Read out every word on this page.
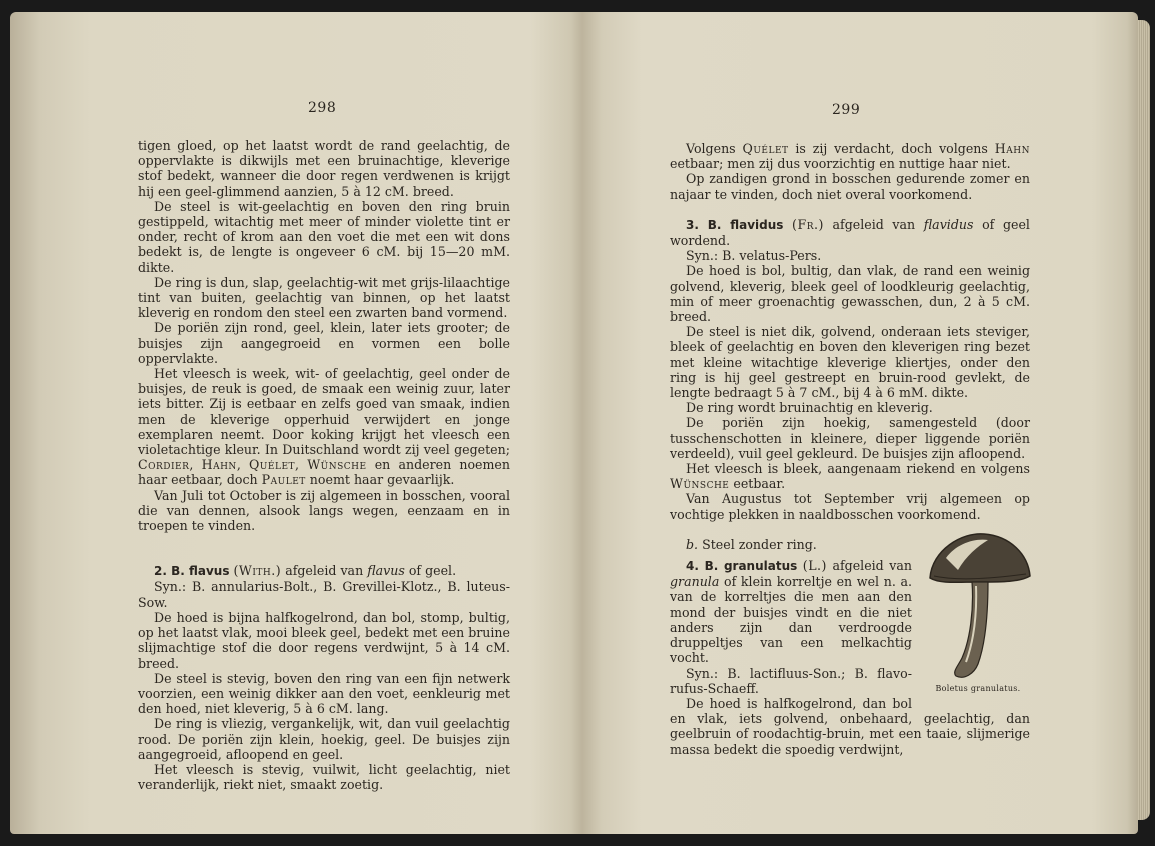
298

tigen gloed, op het laatst wordt de rand geelachtig, de oppervlakte is dikwijls met een bruinachtige, kleverige stof bedekt, wanneer die door regen verdwenen is krijgt hij een geel-glimmend aanzien, 5 à 12 cM. breed.

De steel is wit-geelachtig en boven den ring bruin gestippeld, witachtig met meer of minder violette tint er onder, recht of krom aan den voet die met een wit dons bedekt is, de lengte is ongeveer 6 cM. bij 15—20 mM. dikte.

De ring is dun, slap, geelachtig-wit met grijs-lilaachtige tint van buiten, geelachtig van binnen, op het laatst kleverig en rondom den steel een zwarten band vormend.

De poriën zijn rond, geel, klein, later iets grooter; de buisjes zijn aangegroeid en vormen een bolle oppervlakte.

Het vleesch is week, wit- of geelachtig, geel onder de buisjes, de reuk is goed, de smaak een weinig zuur, later iets bitter. Zij is eetbaar en zelfs goed van smaak, indien men de kleverige opperhuid verwijdert en jonge exemplaren neemt. Door koking krijgt het vleesch een violetachtige kleur. In Duitschland wordt zij veel gegeten; Cordier, Hahn, Quélet, Wünsche en anderen noemen haar eetbaar, doch Paulet noemt haar gevaarlijk.

Van Juli tot October is zij algemeen in bosschen, vooral die van dennen, alsook langs wegen, eenzaam en in troepen te vinden.

2. B. flavus (With.) afgeleid van flavus of geel.

Syn.: B. annularius-Bolt., B. Grevillei-Klotz., B. luteus-Sow.

De hoed is bijna halfkogelrond, dan bol, stomp, bultig, op het laatst vlak, mooi bleek geel, bedekt met een bruine slijmachtige stof die door regens verdwijnt, 5 à 14 cM. breed.

De steel is stevig, boven den ring van een fijn netwerk voorzien, een weinig dikker aan den voet, eenkleurig met den hoed, niet kleverig, 5 à 6 cM. lang.

De ring is vliezig, vergankelijk, wit, dan vuil geelachtig rood. De poriën zijn klein, hoekig, geel. De buisjes zijn aangegroeid, afloopend en geel.

Het vleesch is stevig, vuilwit, licht geelachtig, niet veranderlijk, riekt niet, smaakt zoetig.

299

Volgens Quélet is zij verdacht, doch volgens Hahn eetbaar; men zij dus voorzichtig en nuttige haar niet.

Op zandigen grond in bosschen gedurende zomer en najaar te vinden, doch niet overal voorkomend.

3. B. flavidus (Fr.) afgeleid van flavidus of geel wordend.

Syn.: B. velatus-Pers.

De hoed is bol, bultig, dan vlak, de rand een weinig golvend, kleverig, bleek geel of loodkleurig geelachtig, min of meer groenachtig gewasschen, dun, 2 à 5 cM. breed.

De steel is niet dik, golvend, onderaan iets steviger, bleek of geelachtig en boven den kleverigen ring bezet met kleine witachtige kleverige kliertjes, onder den ring is hij geel gestreept en bruin-rood gevlekt, de lengte bedraagt 5 à 7 cM., bij 4 à 6 mM. dikte.

De ring wordt bruinachtig en kleverig.

De poriën zijn hoekig, samengesteld (door tusschenschotten in kleinere, dieper liggende poriën verdeeld), vuil geel gekleurd. De buisjes zijn afloopend.

Het vleesch is bleek, aangenaam riekend en volgens Wünsche eetbaar.

Van Augustus tot September vrij algemeen op vochtige plekken in naaldbosschen voorkomend.

b. Steel zonder ring.

4. B. granulatus (L.) afgeleid van granula of klein korreltje en wel n. a. van de korreltjes die men aan den mond der buisjes vindt en die niet anders zijn dan verdroogde druppeltjes van een melkachtig vocht.

Syn.: B. lactifluus-Son.; B. flavo-rufus-Schaeff.

De hoed is halfkogelrond, dan bol en vlak, iets golvend, onbehaard, geelachtig, dan geelbruin of roodachtig-bruin, met een taaie, slijmerige massa bedekt die spoedig verdwijnt,

Boletus granulatus.
